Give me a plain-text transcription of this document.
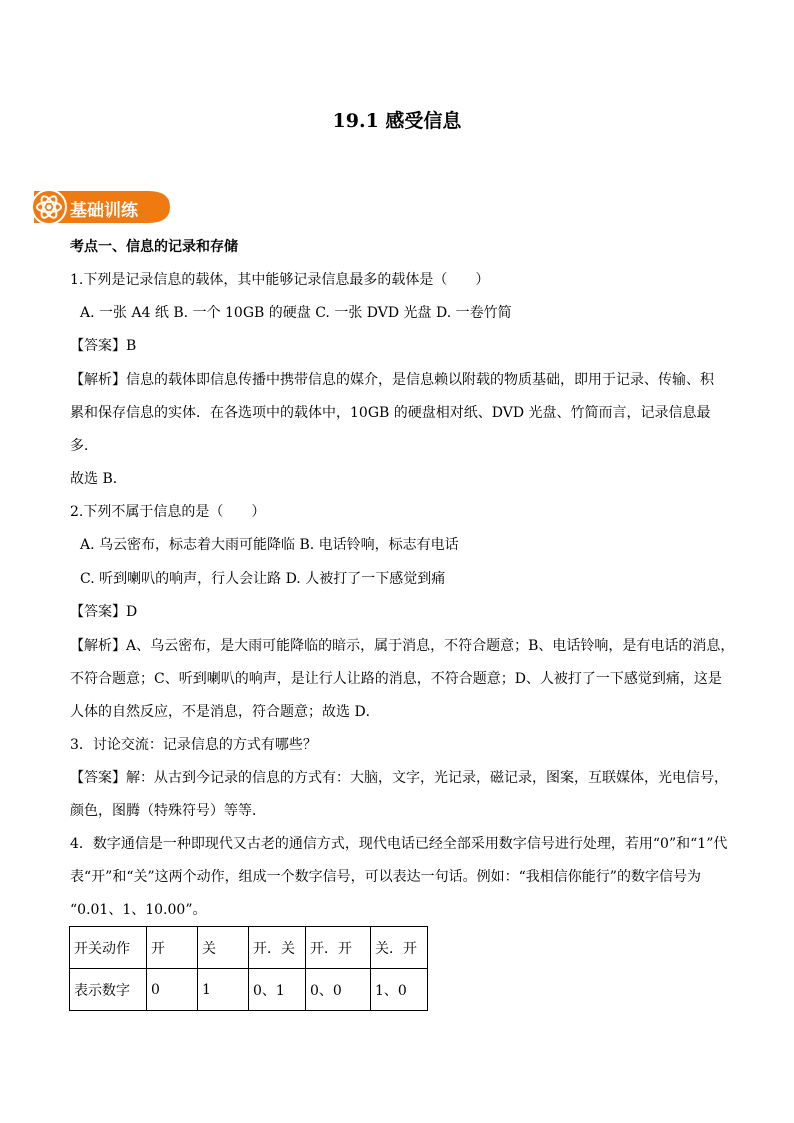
19.1 感受信息
基础训练
考点一、信息的记录和存储
1.下列是记录信息的载体，其中能够记录信息最多的载体是（　　）
A. 一张 A4 纸 B. 一个 10GB 的硬盘 C. 一张 DVD 光盘 D. 一卷竹简
【答案】B
【解析】信息的载体即信息传播中携带信息的媒介，是信息赖以附载的物质基础，即用于记录、传输、积
累和保存信息的实体．在各选项中的载体中，10GB 的硬盘相对纸、DVD 光盘、竹简而言，记录信息最
多．
故选 B．
2.下列不属于信息的是（　　）
A. 乌云密布，标志着大雨可能降临 B. 电话铃响，标志有电话
C. 听到喇叭的响声，行人会让路 D. 人被打了一下感觉到痛
【答案】D
【解析】A、乌云密布，是大雨可能降临的暗示，属于消息，不符合题意；B、电话铃响，是有电话的消息，
不符合题意；C、听到喇叭的响声，是让行人让路的消息，不符合题意；D、人被打了一下感觉到痛，这是
人体的自然反应，不是消息，符合题意；故选 D．
3．讨论交流：记录信息的方式有哪些？
【答案】解：从古到今记录的信息的方式有：大脑，文字，光记录，磁记录，图案，互联媒体，光电信号，
颜色，图腾（特殊符号）等等．
4．数字通信是一种即现代又古老的通信方式，现代电话已经全部采用数字信号进行处理，若用“0”和“1”代
表“开”和“关”这两个动作，组成一个数字信号，可以表达一句话。例如：“我相信你能行”的数字信号为
“0.01、1、10.00”。
开关动作	开	关	开．关	开．开	关．开
表示数字	0	1	0、1	0、0	1、0
